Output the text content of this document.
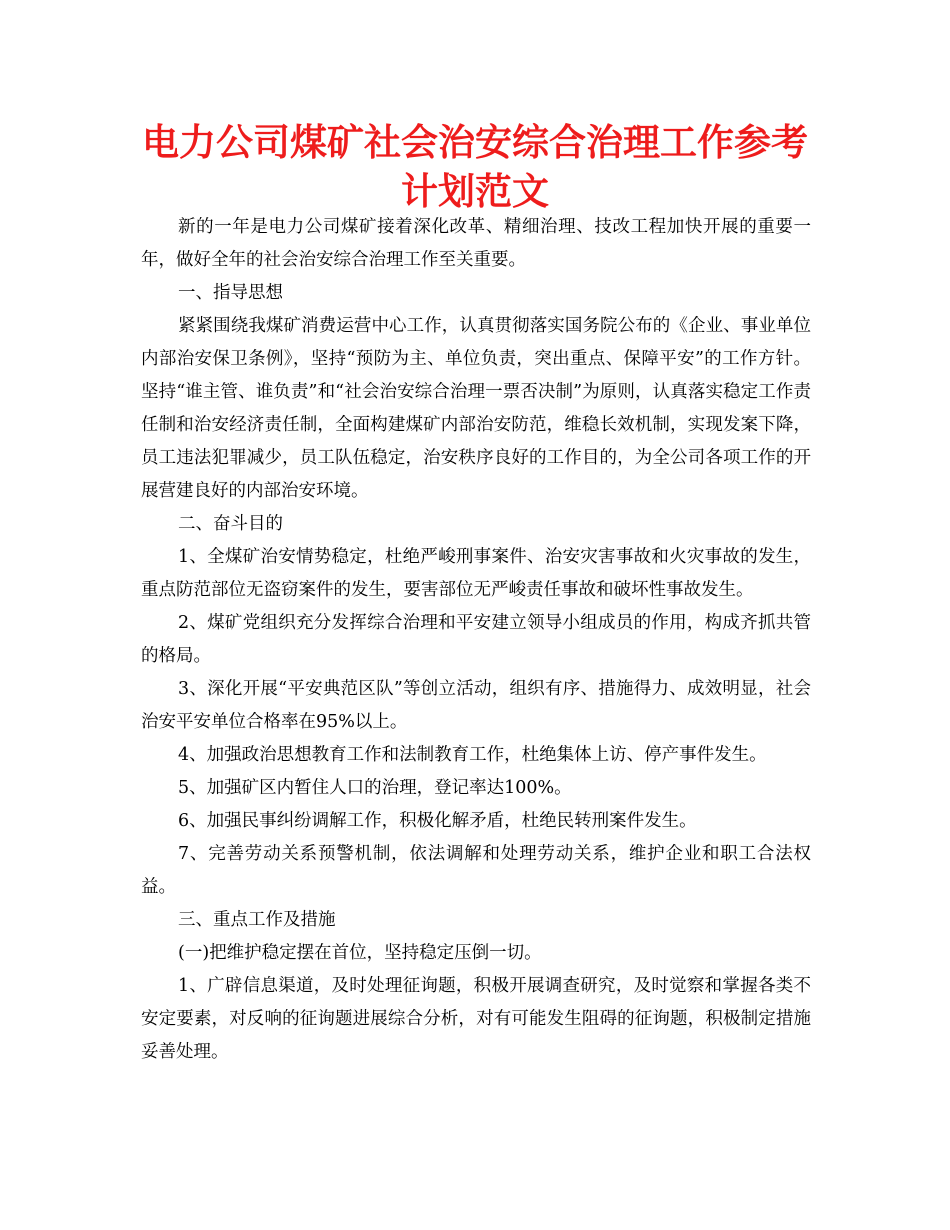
电力公司煤矿社会治安综合治理工作参考
计划范文

新的一年是电力公司煤矿接着深化改革、精细治理、技改工程加快开展的重要一年，做好全年的社会治安综合治理工作至关重要。

一、指导思想

紧紧围绕我煤矿消费运营中心工作，认真贯彻落实国务院公布的《企业、事业单位内部治安保卫条例》，坚持“预防为主、单位负责，突出重点、保障平安”的工作方针。坚持“谁主管、谁负责”和“社会治安综合治理一票否决制”为原则，认真落实稳定工作责任制和治安经济责任制，全面构建煤矿内部治安防范，维稳长效机制，实现发案下降，员工违法犯罪减少，员工队伍稳定，治安秩序良好的工作目的，为全公司各项工作的开展营建良好的内部治安环境。

二、奋斗目的

1、全煤矿治安情势稳定，杜绝严峻刑事案件、治安灾害事故和火灾事故的发生，重点防范部位无盗窃案件的发生，要害部位无严峻责任事故和破坏性事故发生。

2、煤矿党组织充分发挥综合治理和平安建立领导小组成员的作用，构成齐抓共管的格局。

3、深化开展“平安典范区队”等创立活动，组织有序、措施得力、成效明显，社会治安平安单位合格率在95%以上。

4、加强政治思想教育工作和法制教育工作，杜绝集体上访、停产事件发生。

5、加强矿区内暂住人口的治理，登记率达100%。

6、加强民事纠纷调解工作，积极化解矛盾，杜绝民转刑案件发生。

7、完善劳动关系预警机制，依法调解和处理劳动关系，维护企业和职工合法权益。

三、重点工作及措施

(一)把维护稳定摆在首位，坚持稳定压倒一切。

1、广辟信息渠道，及时处理征询题，积极开展调查研究，及时觉察和掌握各类不安定要素，对反响的征询题进展综合分析，对有可能发生阻碍的征询题，积极制定措施妥善处理。
